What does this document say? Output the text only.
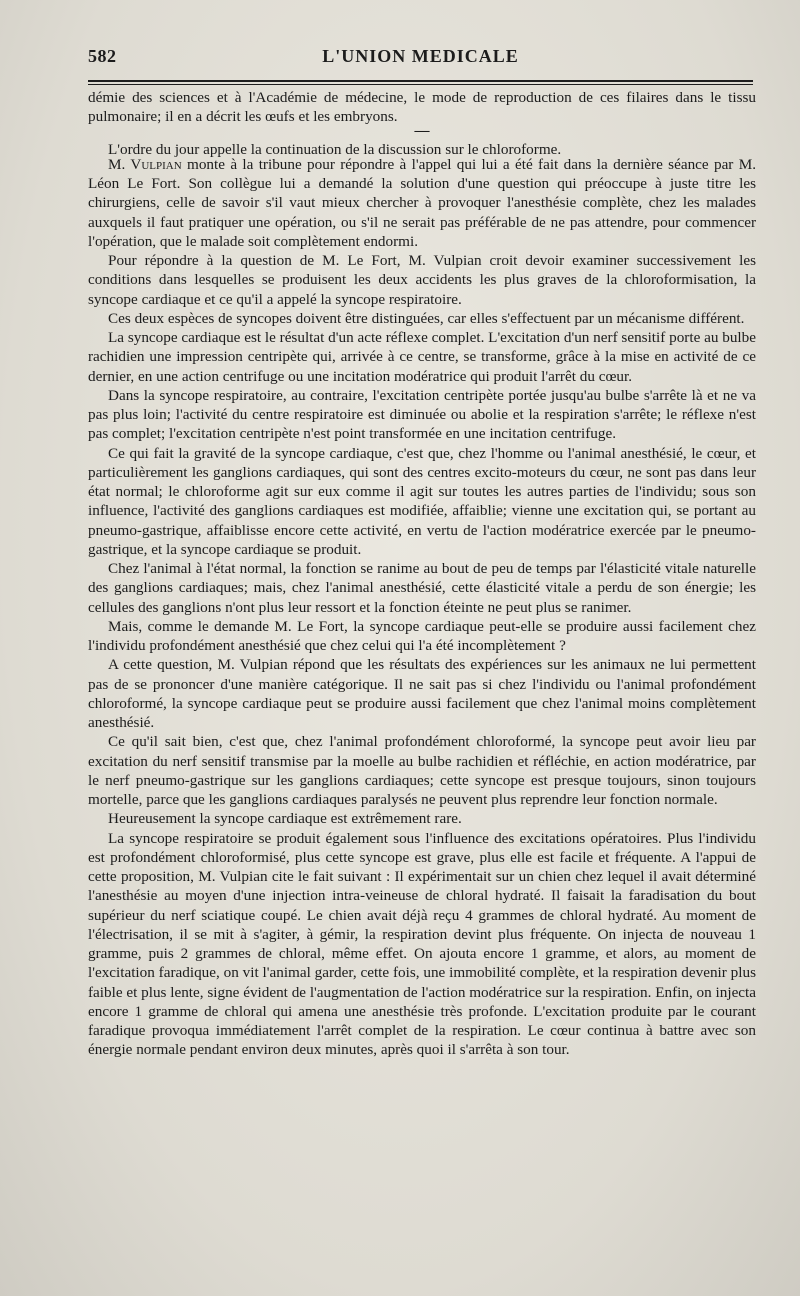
582	L'UNION MEDICALE

démie des sciences et à l'Académie de médecine, le mode de reproduction de ces filaires dans le tissu pulmonaire; il en a décrit les œufs et les embryons.

L'ordre du jour appelle la continuation de la discussion sur le chloroforme.

—

M. Vulpian monte à la tribune pour répondre à l'appel qui lui a été fait dans la dernière séance par M. Léon Le Fort. Son collègue lui a demandé la solution d'une question qui préoccupe à juste titre les chirurgiens, celle de savoir s'il vaut mieux chercher à provoquer l'anesthésie complète, chez les malades auxquels il faut pratiquer une opération, ou s'il ne serait pas préférable de ne pas attendre, pour commencer l'opération, que le malade soit complètement endormi.

Pour répondre à la question de M. Le Fort, M. Vulpian croit devoir examiner successivement les conditions dans lesquelles se produisent les deux accidents les plus graves de la chloroformisation, la syncope cardiaque et ce qu'il a appelé la syncope respiratoire.

Ces deux espèces de syncopes doivent être distinguées, car elles s'effectuent par un mécanisme différent.

La syncope cardiaque est le résultat d'un acte réflexe complet. L'excitation d'un nerf sensitif porte au bulbe rachidien une impression centripète qui, arrivée à ce centre, se transforme, grâce à la mise en activité de ce dernier, en une action centrifuge ou une incitation modératrice qui produit l'arrêt du cœur.

Dans la syncope respiratoire, au contraire, l'excitation centripète portée jusqu'au bulbe s'arrête là et ne va pas plus loin; l'activité du centre respiratoire est diminuée ou abolie et la respiration s'arrête; le réflexe n'est pas complet; l'excitation centripète n'est point transformée en une incitation centrifuge.

Ce qui fait la gravité de la syncope cardiaque, c'est que, chez l'homme ou l'animal anesthésié, le cœur, et particulièrement les ganglions cardiaques, qui sont des centres excito-moteurs du cœur, ne sont pas dans leur état normal; le chloroforme agit sur eux comme il agit sur toutes les autres parties de l'individu; sous son influence, l'activité des ganglions cardiaques est modifiée, affaiblie; vienne une excitation qui, se portant au pneumo-gastrique, affaiblisse encore cette activité, en vertu de l'action modératrice exercée par le pneumo-gastrique, et la syncope cardiaque se produit.

Chez l'animal à l'état normal, la fonction se ranime au bout de peu de temps par l'élasticité vitale naturelle des ganglions cardiaques; mais, chez l'animal anesthésié, cette élasticité vitale a perdu de son énergie; les cellules des ganglions n'ont plus leur ressort et la fonction éteinte ne peut plus se ranimer.

Mais, comme le demande M. Le Fort, la syncope cardiaque peut-elle se produire aussi facilement chez l'individu profondément anesthésié que chez celui qui l'a été incomplètement ?

A cette question, M. Vulpian répond que les résultats des expériences sur les animaux ne lui permettent pas de se prononcer d'une manière catégorique. Il ne sait pas si chez l'individu ou l'animal profondément chloroformé, la syncope cardiaque peut se produire aussi facilement que chez l'animal moins complètement anesthésié.

Ce qu'il sait bien, c'est que, chez l'animal profondément chloroformé, la syncope peut avoir lieu par excitation du nerf sensitif transmise par la moelle au bulbe rachidien et réfléchie, en action modératrice, par le nerf pneumo-gastrique sur les ganglions cardiaques; cette syncope est presque toujours, sinon toujours mortelle, parce que les ganglions cardiaques paralysés ne peuvent plus reprendre leur fonction normale.

Heureusement la syncope cardiaque est extrêmement rare.

La syncope respiratoire se produit également sous l'influence des excitations opératoires. Plus l'individu est profondément chloroformisé, plus cette syncope est grave, plus elle est facile et fréquente. A l'appui de cette proposition, M. Vulpian cite le fait suivant : Il expérimentait sur un chien chez lequel il avait déterminé l'anesthésie au moyen d'une injection intra-veineuse de chloral hydraté. Il faisait la faradisation du bout supérieur du nerf sciatique coupé. Le chien avait déjà reçu 4 grammes de chloral hydraté. Au moment de l'électrisation, il se mit à s'agiter, à gémir, la respiration devint plus fréquente. On injecta de nouveau 1 gramme, puis 2 grammes de chloral, même effet. On ajouta encore 1 gramme, et alors, au moment de l'excitation faradique, on vit l'animal garder, cette fois, une immobilité complète, et la respiration devenir plus faible et plus lente, signe évident de l'augmentation de l'action modératrice sur la respiration. Enfin, on injecta encore 1 gramme de chloral qui amena une anesthésie très profonde. L'excitation produite par le courant faradique provoqua immédiatement l'arrêt complet de la respiration. Le cœur continua à battre avec son énergie normale pendant environ deux minutes, après quoi il s'arrêta à son tour.
